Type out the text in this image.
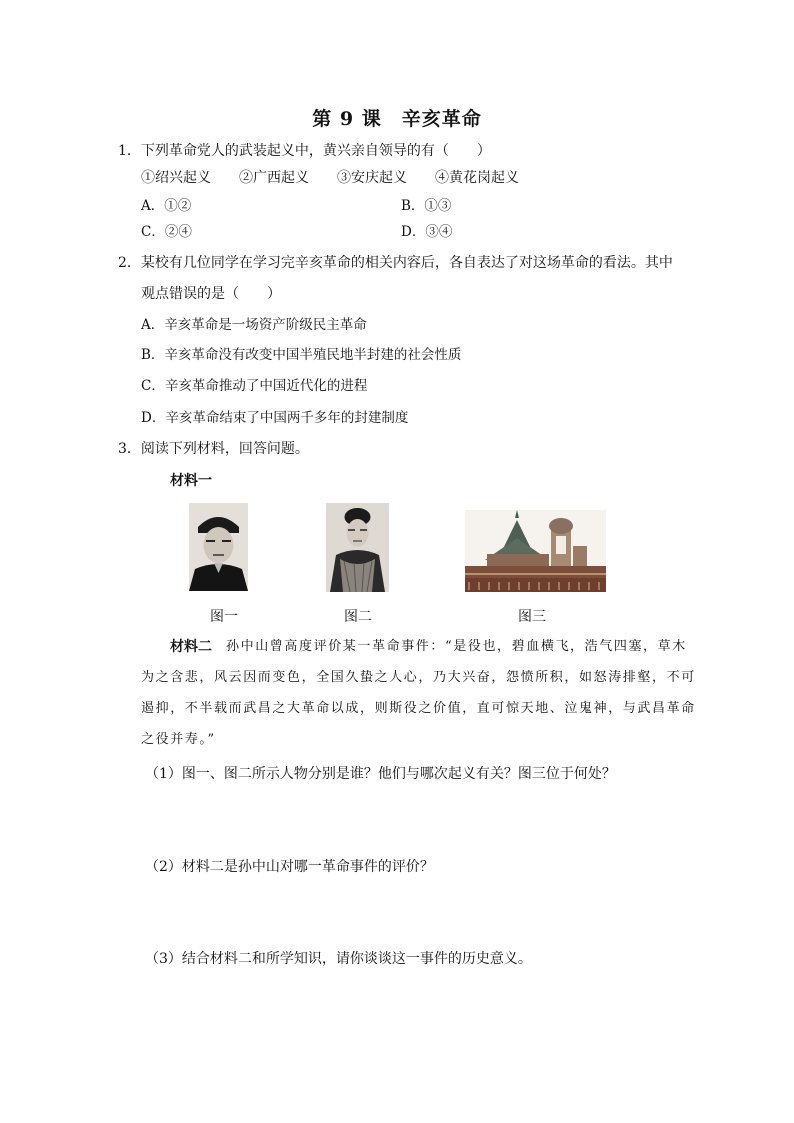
第 9 课　辛亥革命
1．下列革命党人的武装起义中，黄兴亲自领导的有（　　）
①绍兴起义　　②广西起义　　③安庆起义　　④黄花岗起义
A．①②	B．①③
C．②④	D．③④
2．某校有几位同学在学习完辛亥革命的相关内容后，各自表达了对这场革命的看法。其中
观点错误的是（　　）
A．辛亥革命是一场资产阶级民主革命
B．辛亥革命没有改变中国半殖民地半封建的社会性质
C．辛亥革命推动了中国近代化的进程
D．辛亥革命结束了中国两千多年的封建制度
3．阅读下列材料，回答问题。
材料一
图一	图二	图三
材料二 孙中山曾高度评价某一革命事件：“是役也，碧血横飞，浩气四塞，草木
为之含悲，风云因而变色，全国久蛰之人心，乃大兴奋，怨愤所积，如怒涛排壑，不可
遏抑，不半载而武昌之大革命以成，则斯役之价值，直可惊天地、泣鬼神，与武昌革命
之役并寿。”
（1）图一、图二所示人物分别是谁？他们与哪次起义有关？图三位于何处？
（2）材料二是孙中山对哪一革命事件的评价？
（3）结合材料二和所学知识，请你谈谈这一事件的历史意义。
